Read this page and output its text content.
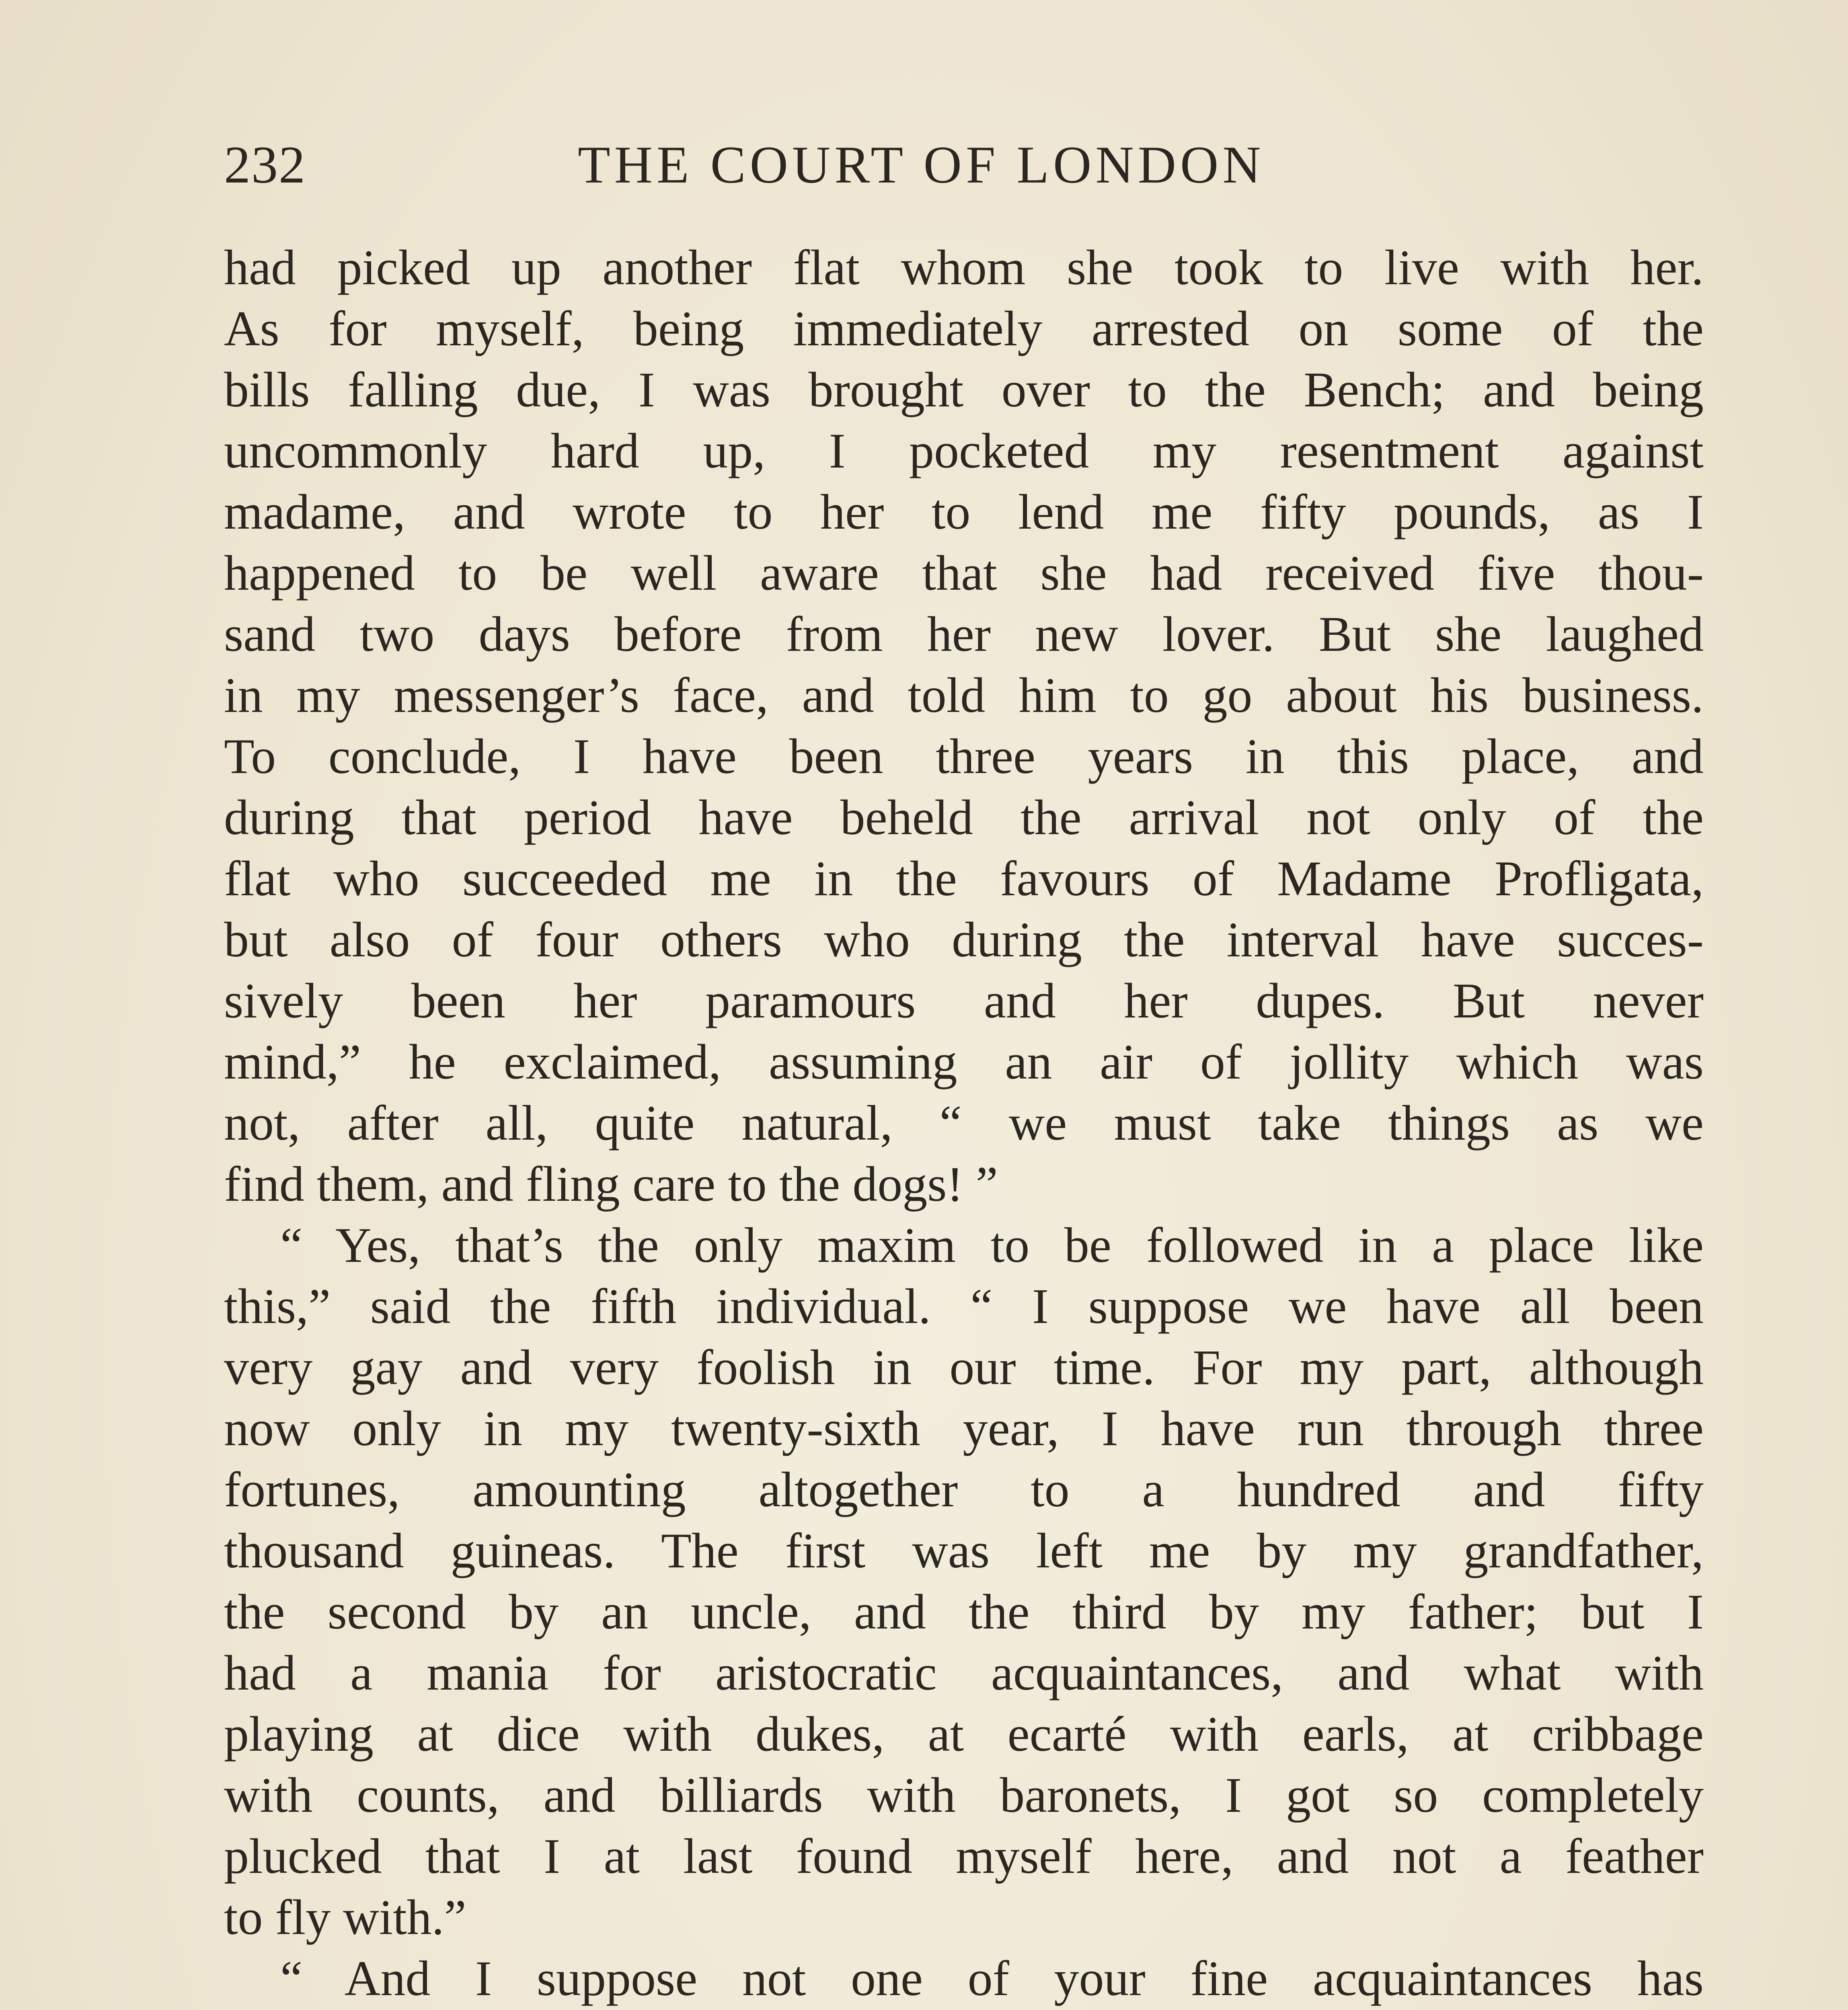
232	THE COURT OF LONDON
had picked up another flat whom she took to live with her.
As for myself, being immediately arrested on some of the
bills falling due, I was brought over to the Bench; and being
uncommonly hard up, I pocketed my resentment against
madame, and wrote to her to lend me fifty pounds, as I
happened to be well aware that she had received five thou-
sand two days before from her new lover. But she laughed
in my messenger’s face, and told him to go about his business.
To conclude, I have been three years in this place, and
during that period have beheld the arrival not only of the
flat who succeeded me in the favours of Madame Profligata,
but also of four others who during the interval have succes-
sively been her paramours and her dupes. But never
mind,” he exclaimed, assuming an air of jollity which was
not, after all, quite natural, “ we must take things as we
find them, and fling care to the dogs! ”
“ Yes, that’s the only maxim to be followed in a place like
this,” said the fifth individual. “ I suppose we have all been
very gay and very foolish in our time. For my part, although
now only in my twenty-sixth year, I have run through three
fortunes, amounting altogether to a hundred and fifty
thousand guineas. The first was left me by my grandfather,
the second by an uncle, and the third by my father; but I
had a mania for aristocratic acquaintances, and what with
playing at dice with dukes, at ecarté with earls, at cribbage
with counts, and billiards with baronets, I got so completely
plucked that I at last found myself here, and not a feather
to fly with.”
“ And I suppose not one of your fine acquaintances has
